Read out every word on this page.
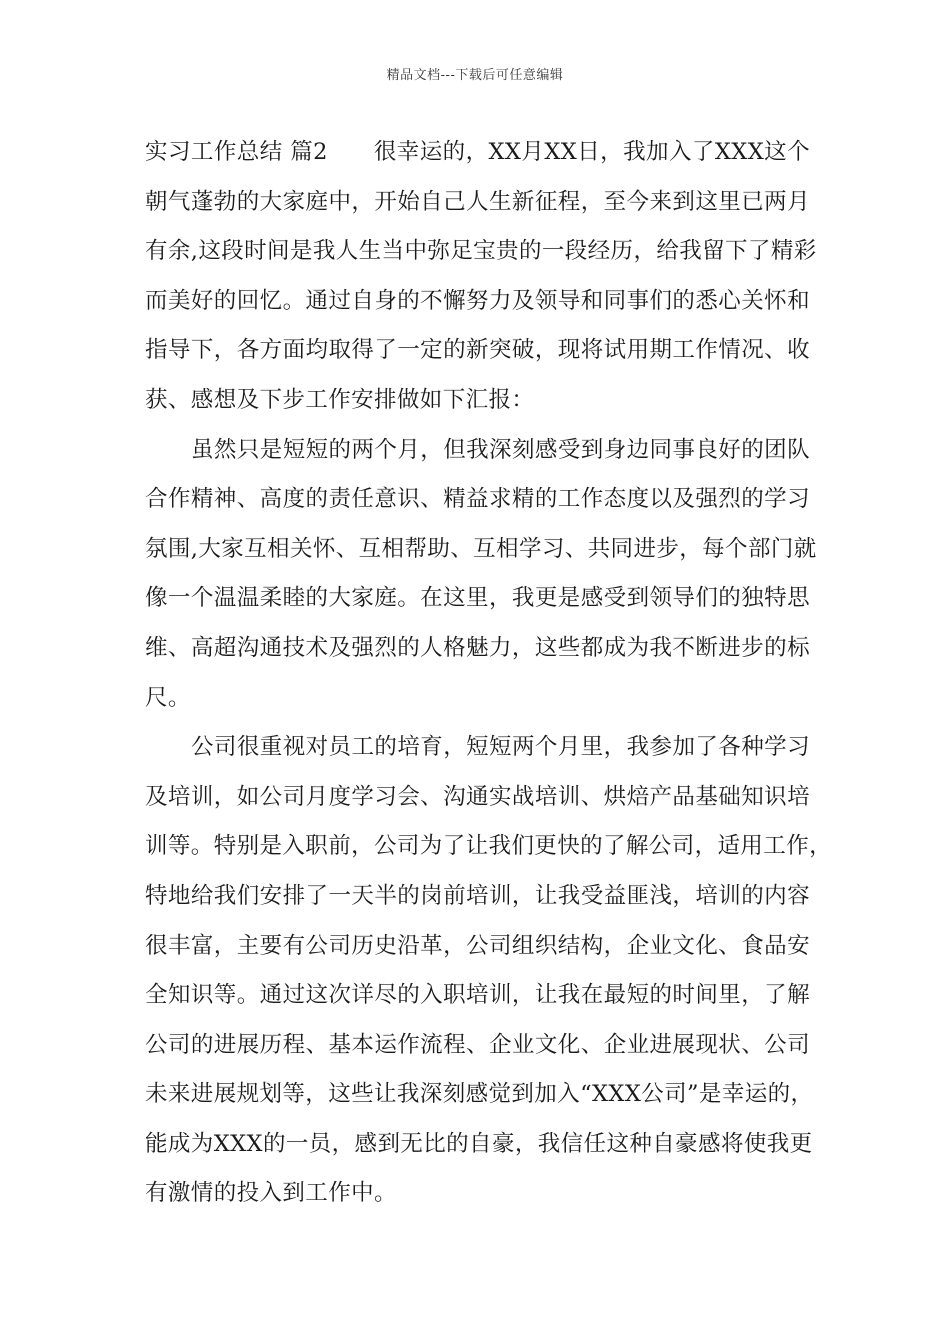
精品文档---下载后可任意编辑
实习工作总结 篇2　　很幸运的，XX月XX日，我加入了XXX这个
朝气蓬勃的大家庭中，开始自己人生新征程，至今来到这里已两月
有余,这段时间是我人生当中弥足宝贵的一段经历，给我留下了精彩
而美好的回忆。通过自身的不懈努力及领导和同事们的悉心关怀和
指导下，各方面均取得了一定的新突破，现将试用期工作情况、收
获、感想及下步工作安排做如下汇报：
虽然只是短短的两个月，但我深刻感受到身边同事良好的团队
合作精神、高度的责任意识、精益求精的工作态度以及强烈的学习
氛围,大家互相关怀、互相帮助、互相学习、共同进步，每个部门就
像一个温温柔睦的大家庭。在这里，我更是感受到领导们的独特思
维、高超沟通技术及强烈的人格魅力，这些都成为我不断进步的标
尺。
公司很重视对员工的培育，短短两个月里，我参加了各种学习
及培训，如公司月度学习会、沟通实战培训、烘焙产品基础知识培
训等。特别是入职前，公司为了让我们更快的了解公司，适用工作，
特地给我们安排了一天半的岗前培训，让我受益匪浅，培训的内容
很丰富，主要有公司历史沿革，公司组织结构，企业文化、食品安
全知识等。通过这次详尽的入职培训，让我在最短的时间里，了解
公司的进展历程、基本运作流程、企业文化、企业进展现状、公司
未来进展规划等，这些让我深刻感觉到加入“XXX公司”是幸运的，
能成为XXX的一员，感到无比的自豪，我信任这种自豪感将使我更
有激情的投入到工作中。
